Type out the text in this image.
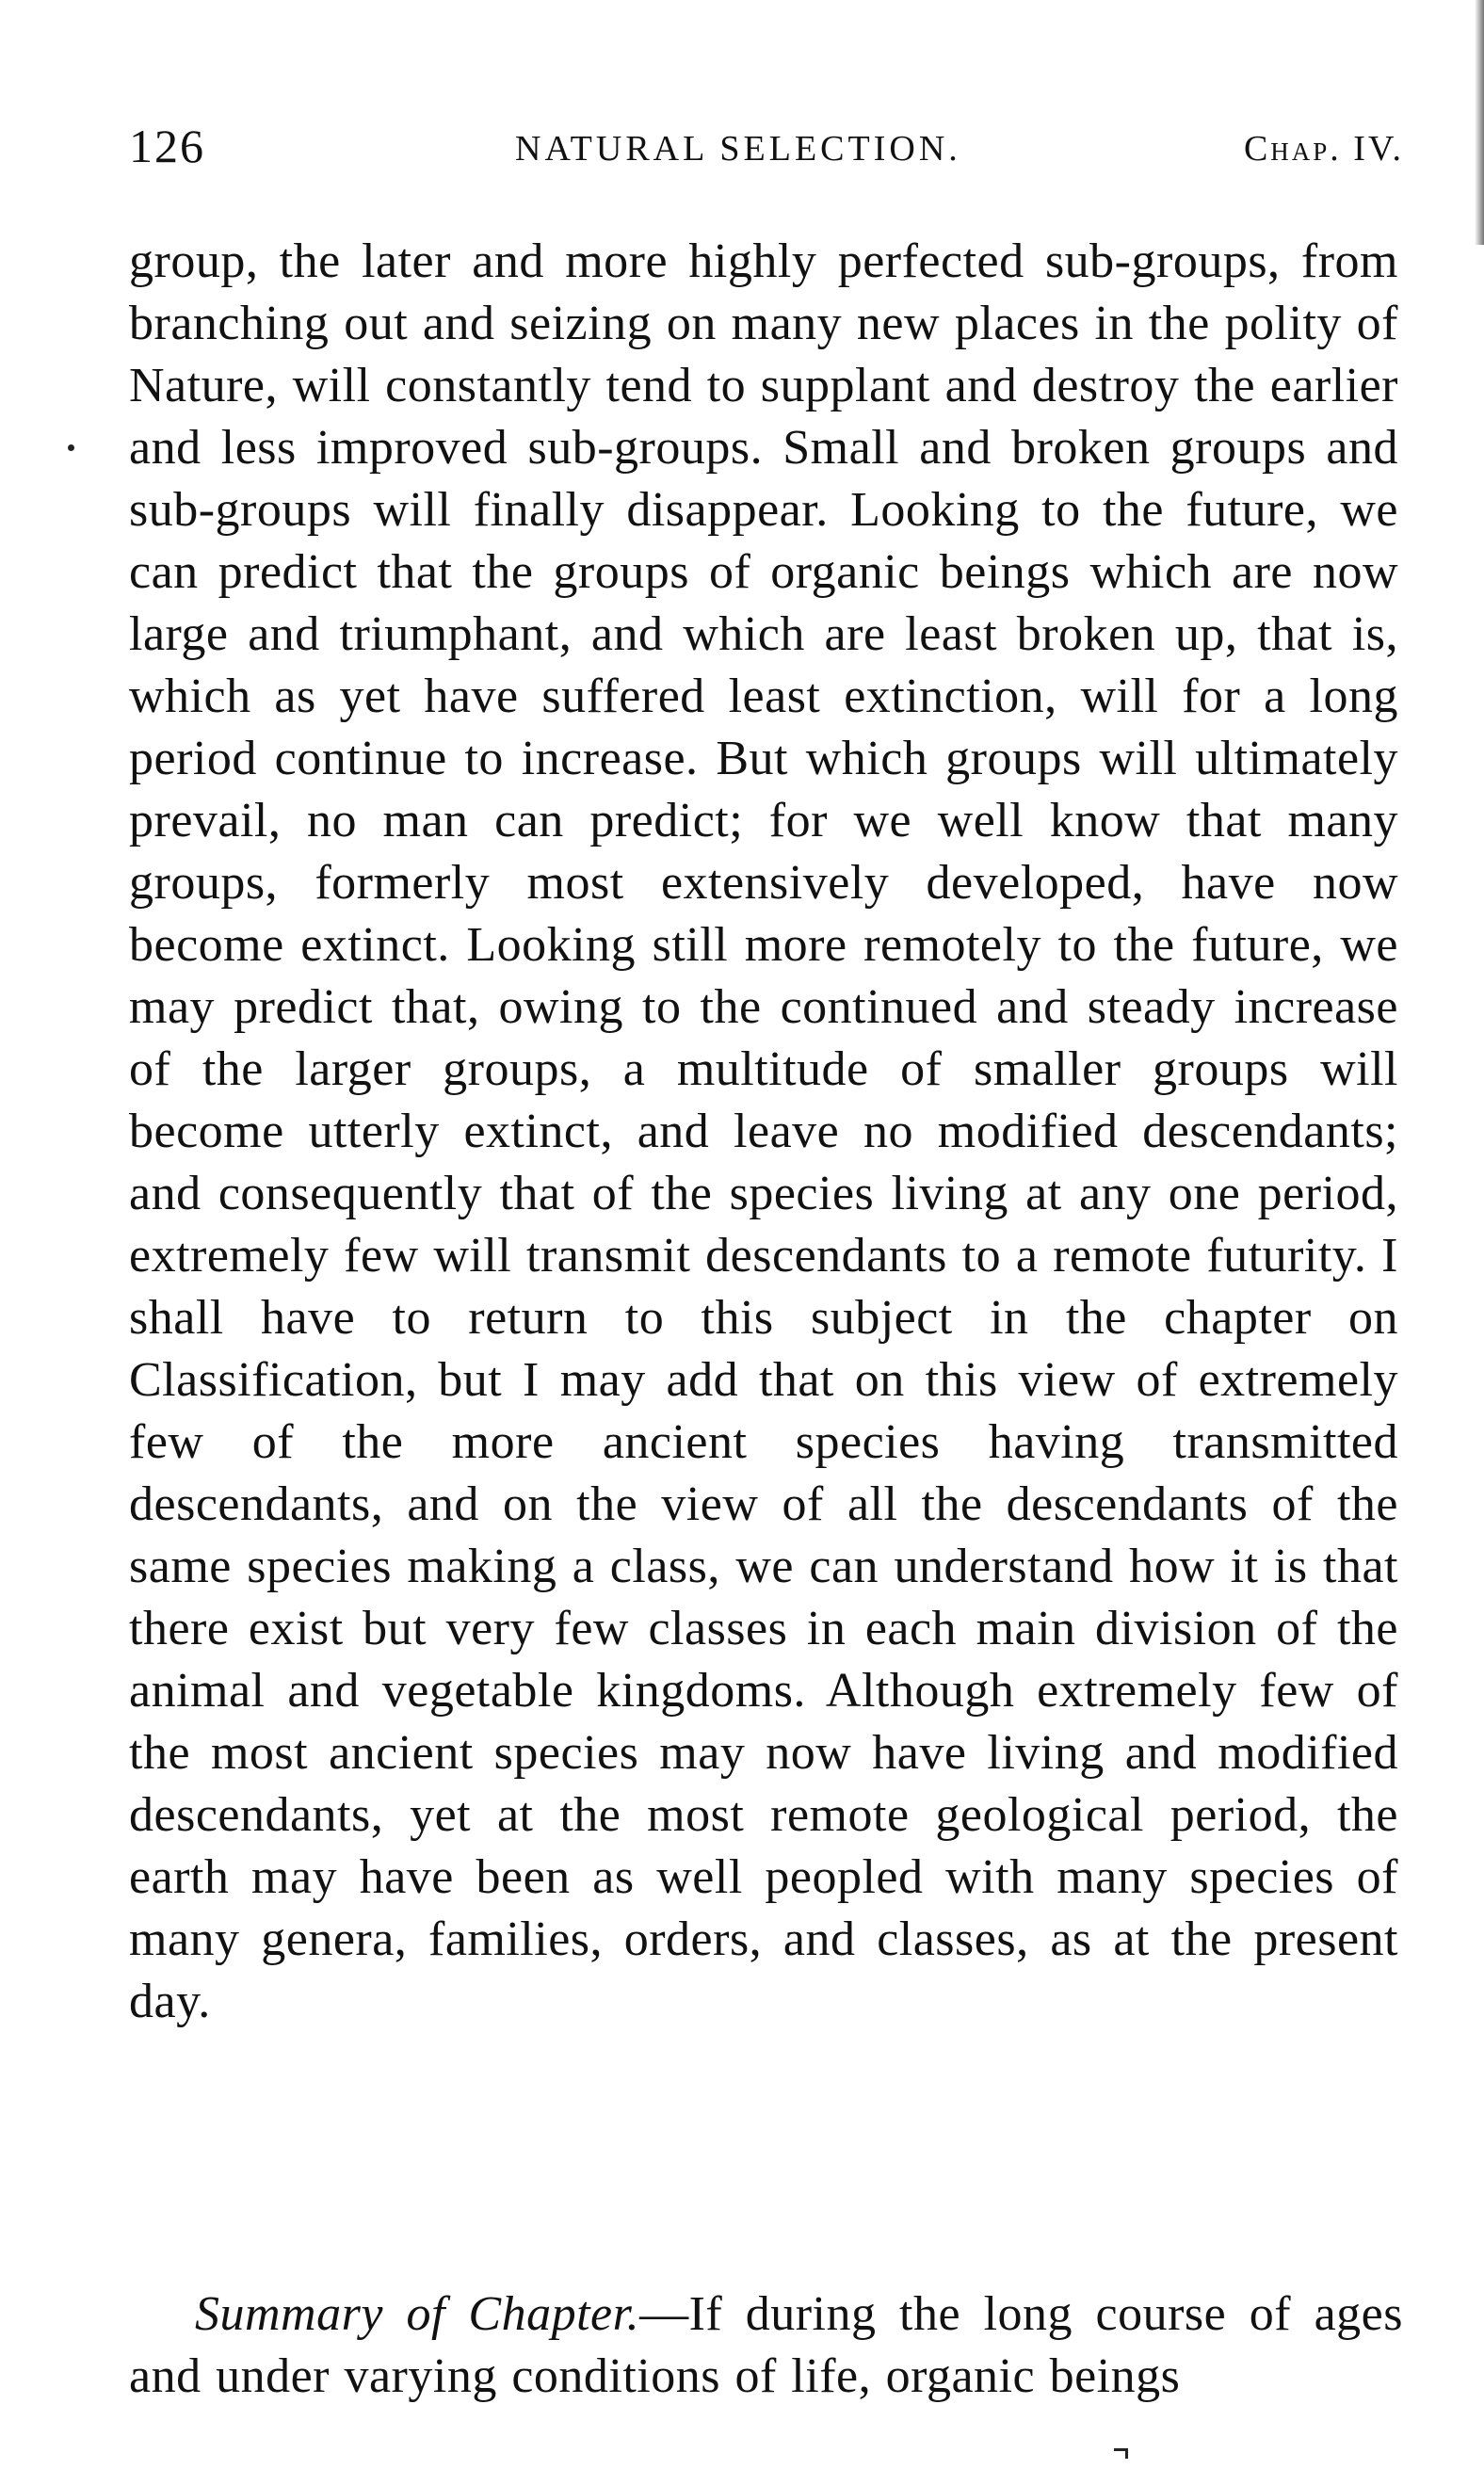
126	NATURAL SELECTION.	Chap. IV.

group, the later and more highly perfected sub-groups, from branching out and seizing on many new places in the polity of Nature, will constantly tend to supplant and destroy the earlier and less improved sub-groups. Small and broken groups and sub-groups will finally disappear. Looking to the future, we can predict that the groups of organic beings which are now large and triumphant, and which are least broken up, that is, which as yet have suffered least extinction, will for a long period continue to increase. But which groups will ultimately prevail, no man can predict; for we well know that many groups, formerly most extensively developed, have now become extinct. Looking still more remotely to the future, we may predict that, owing to the continued and steady increase of the larger groups, a multitude of smaller groups will become utterly extinct, and leave no modified descendants; and consequently that of the species living at any one period, extremely few will transmit descendants to a remote futurity. I shall have to return to this subject in the chapter on Classification, but I may add that on this view of extremely few of the more ancient species having transmitted descendants, and on the view of all the descendants of the same species making a class, we can understand how it is that there exist but very few classes in each main division of the animal and vegetable kingdoms. Although extremely few of the most ancient species may now have living and modified descendants, yet at the most remote geological period, the earth may have been as well peopled with many species of many genera, families, orders, and classes, as at the present day.

Summary of Chapter.—If during the long course of ages and under varying conditions of life, organic beings
